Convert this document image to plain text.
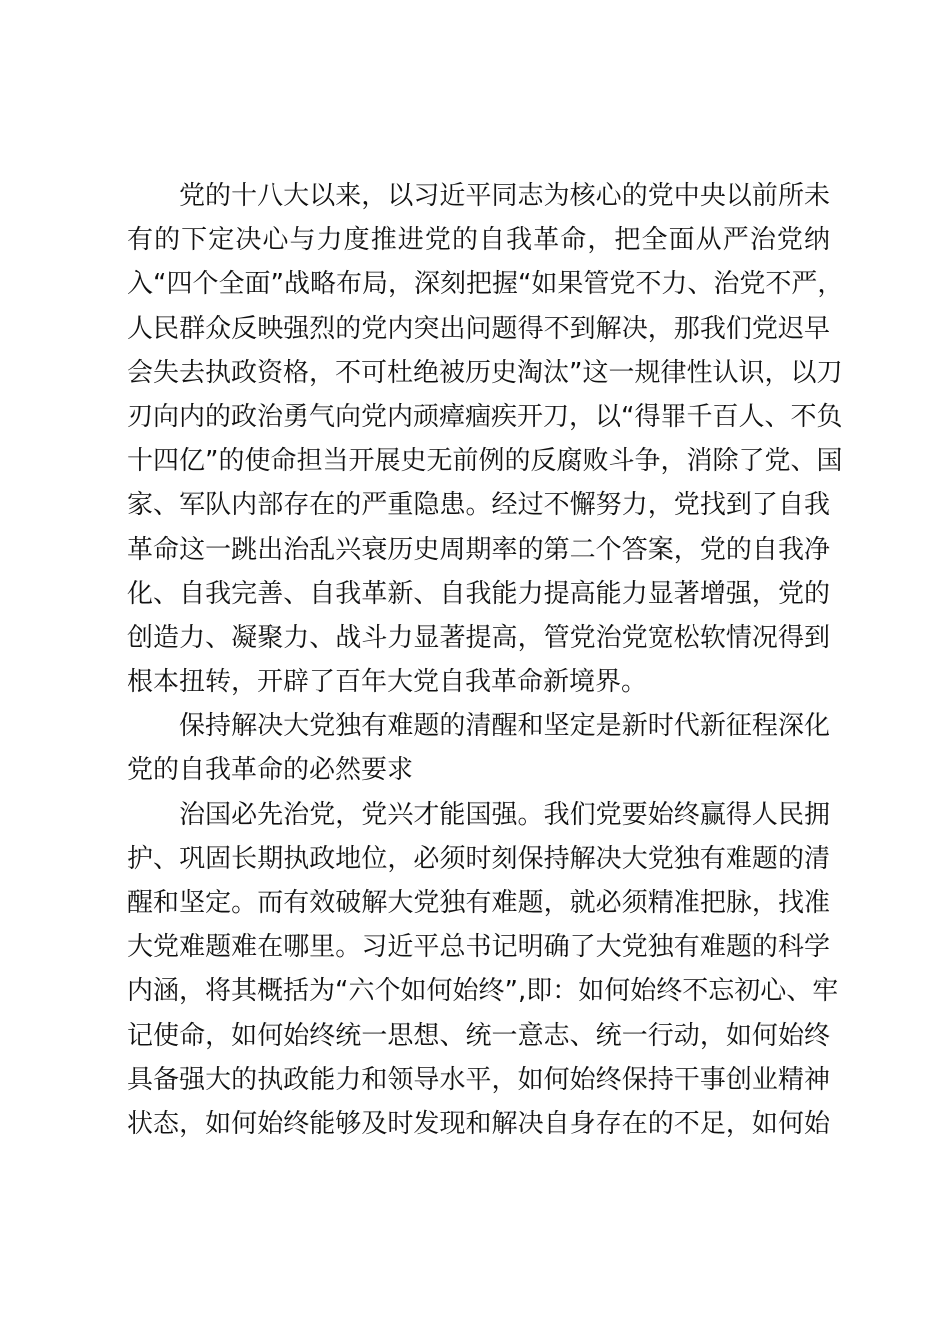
党的十八大以来，以习近平同志为核心的党中央以前所未
有的下定决心与力度推进党的自我革命，把全面从严治党纳
入“四个全面”战略布局，深刻把握“如果管党不力、治党不严，
人民群众反映强烈的党内突出问题得不到解决，那我们党迟早
会失去执政资格，不可杜绝被历史淘汰”这一规律性认识，以刀
刃向内的政治勇气向党内顽瘴痼疾开刀，以“得罪千百人、不负
十四亿”的使命担当开展史无前例的反腐败斗争，消除了党、国
家、军队内部存在的严重隐患。经过不懈努力，党找到了自我
革命这一跳出治乱兴衰历史周期率的第二个答案，党的自我净
化、自我完善、自我革新、自我能力提高能力显著增强，党的
创造力、凝聚力、战斗力显著提高，管党治党宽松软情况得到
根本扭转，开辟了百年大党自我革命新境界。
保持解决大党独有难题的清醒和坚定是新时代新征程深化
党的自我革命的必然要求
治国必先治党，党兴才能国强。我们党要始终赢得人民拥
护、巩固长期执政地位，必须时刻保持解决大党独有难题的清
醒和坚定。而有效破解大党独有难题，就必须精准把脉，找准
大党难题难在哪里。习近平总书记明确了大党独有难题的科学
内涵，将其概括为“六个如何始终”,即：如何始终不忘初心、牢
记使命，如何始终统一思想、统一意志、统一行动，如何始终
具备强大的执政能力和领导水平，如何始终保持干事创业精神
状态，如何始终能够及时发现和解决自身存在的不足，如何始
